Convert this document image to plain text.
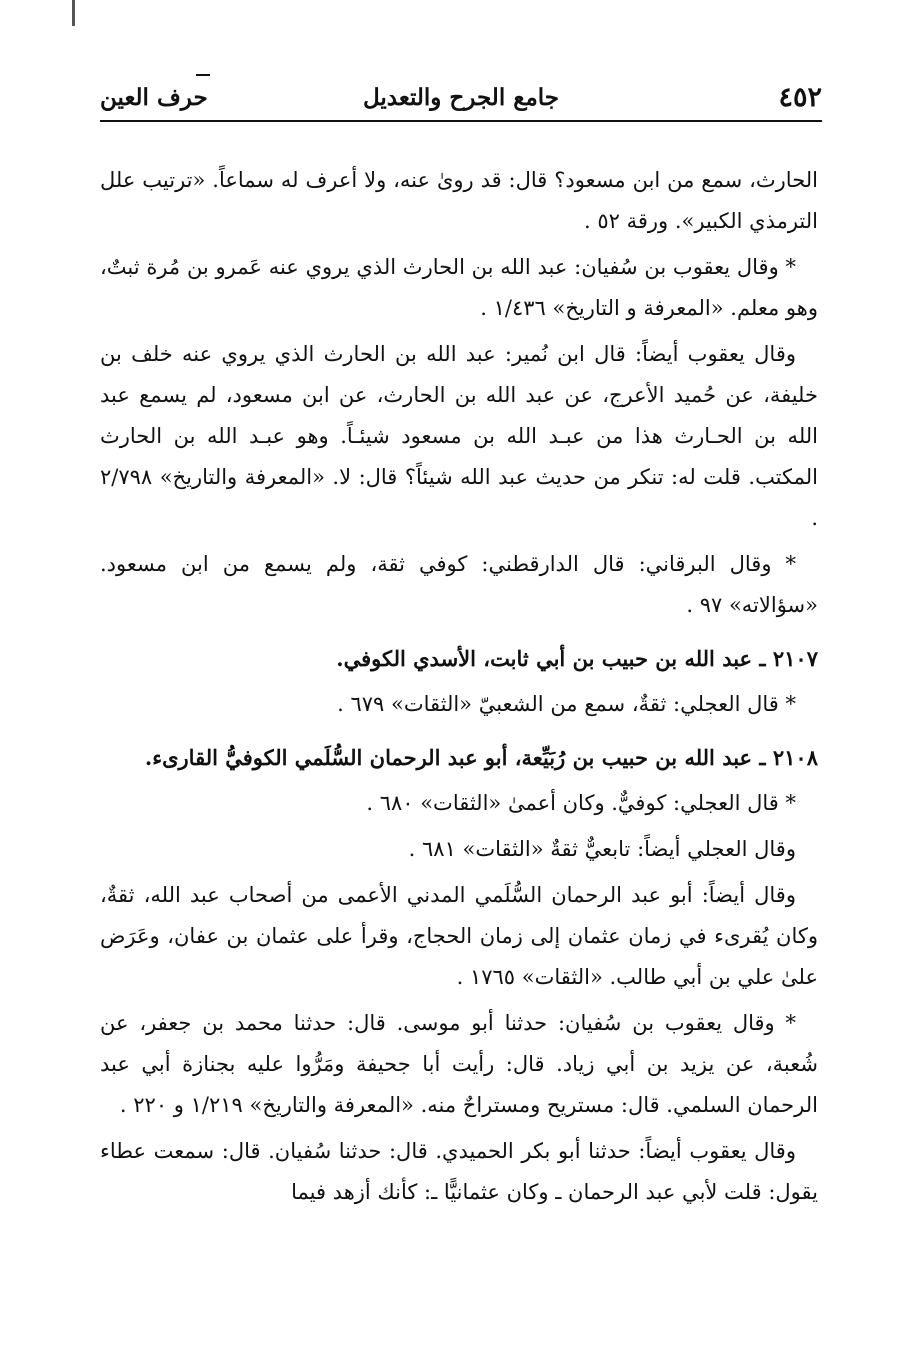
٤٥٢
جامع الجرح والتعديل
حرف العين

الحارث، سمع من ابن مسعود؟ قال: قد روىٰ عنه، ولا أعرف له سماعاً. «ترتيب علل الترمذي الكبير». ورقة ٥٢ .

* وقال يعقوب بن سُفيان: عبد الله بن الحارث الذي يروي عنه عَمرو بن مُرة ثبتٌ، وهو معلم. «المعرفة و التاريخ» ١/٤٣٦ .

وقال يعقوب أيضاً: قال ابن نُمير: عبد الله بن الحارث الذي يروي عنه خلف بن خليفة، عن حُميد الأعرج، عن عبد الله بن الحارث، عن ابن مسعود، لم يسمع عبد الله بن الحـارث هذا من عبـد الله بن مسعود شيئـاً. وهو عبـد الله بن الحارث المكتب. قلت له: تنكر من حديث عبد الله شيئاً؟ قال: لا. «المعرفة والتاريخ» ٢/٧٩٨ .

* وقال البرقاني: قال الدارقطني: كوفي ثقة، ولم يسمع من ابن مسعود. «سؤالاته» ٩٧ .

٢١٠٧ ـ عبد الله بن حبيب بن أبي ثابت، الأسدي الكوفي.

* قال العجلي: ثقةٌ، سمع من الشعبيّ «الثقات» ٦٧٩ .

٢١٠٨ ـ عبد الله بن حبيب بن رُبَيِّعة، أبو عبد الرحمان السُّلَمي الكوفيُّ القارىء.

* قال العجلي: كوفيٌّ. وكان أعمىٰ «الثقات» ٦٨٠ .

وقال العجلي أيضاً: تابعيٌّ ثقةٌ «الثقات» ٦٨١ .

وقال أيضاً: أبو عبد الرحمان السُّلَمي المدني الأعمى من أصحاب عبد الله، ثقةٌ، وكان يُقرىء في زمان عثمان إلى زمان الحجاج، وقرأ على عثمان بن عفان، وعَرَض علىٰ علي بن أبي طالب. «الثقات» ١٧٦٥ .

* وقال يعقوب بن سُفيان: حدثنا أبو موسى. قال: حدثنا محمد بن جعفر، عن شُعبة، عن يزيد بن أبي زياد. قال: رأيت أبا جحيفة ومَرُّوا عليه بجنازة أبي عبد الرحمان السلمي. قال: مستريح ومستراحٌ منه. «المعرفة والتاريخ» ١/٢١٩ و ٢٢٠ .

وقال يعقوب أيضاً: حدثنا أبو بكر الحميدي. قال: حدثنا سُفيان. قال: سمعت عطاء يقول: قلت لأبي عبد الرحمان ـ وكان عثمانيًّا ـ: كأنك أزهد فيما
